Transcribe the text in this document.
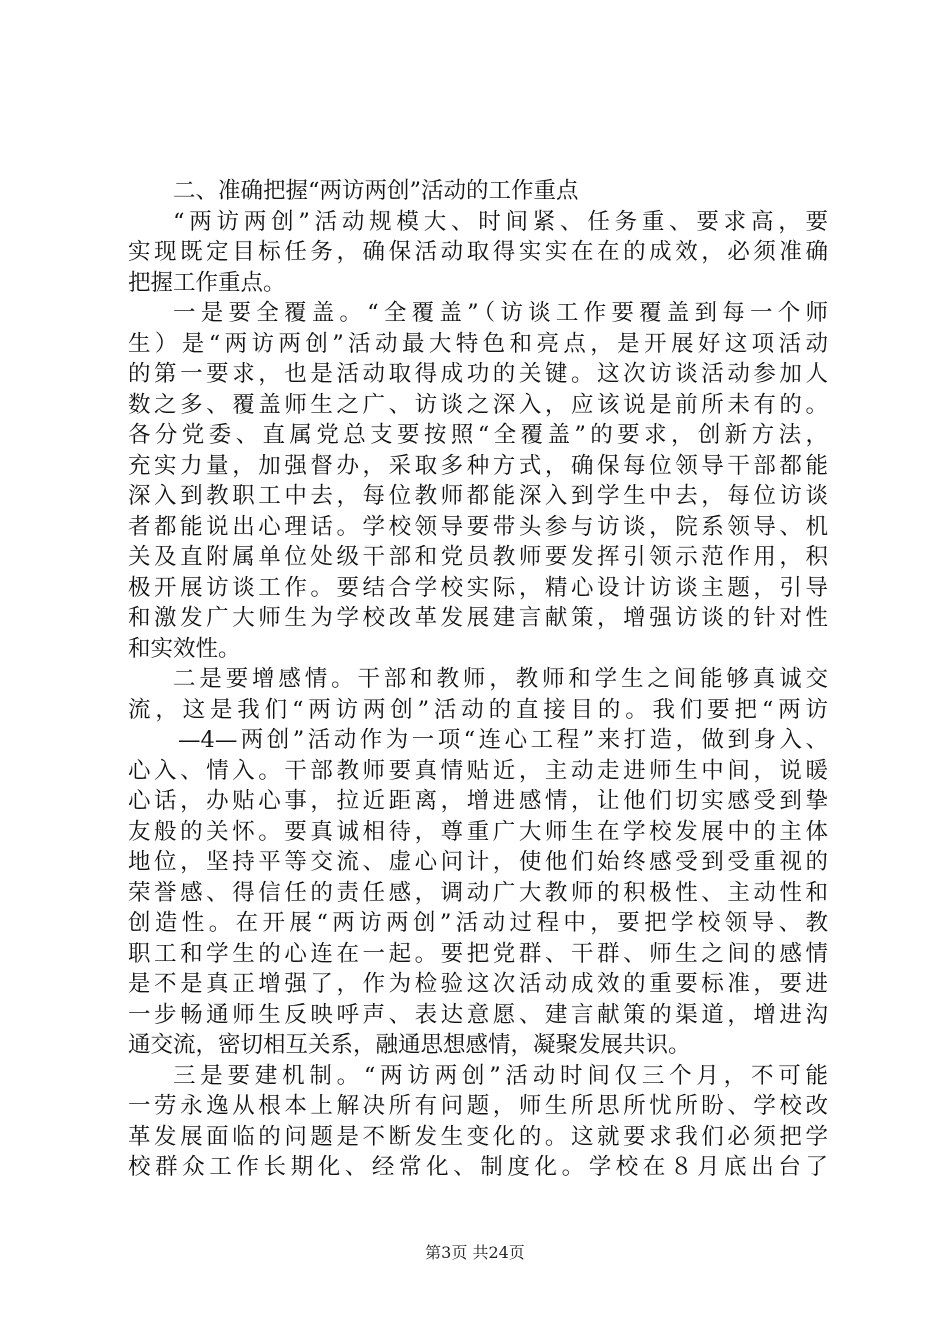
二、准确把握“两访两创”活动的工作重点
“两访两创”活动规模大、时间紧、任务重、要求高，要
实现既定目标任务，确保活动取得实实在在的成效，必须准确
把握工作重点。
一是要全覆盖。“全覆盖”（访谈工作要覆盖到每一个师
生）是“两访两创”活动最大特色和亮点，是开展好这项活动
的第一要求，也是活动取得成功的关键。这次访谈活动参加人
数之多、覆盖师生之广、访谈之深入，应该说是前所未有的。
各分党委、直属党总支要按照“全覆盖”的要求，创新方法，
充实力量，加强督办，采取多种方式，确保每位领导干部都能
深入到教职工中去，每位教师都能深入到学生中去，每位访谈
者都能说出心理话。学校领导要带头参与访谈，院系领导、机
关及直附属单位处级干部和党员教师要发挥引领示范作用，积
极开展访谈工作。要结合学校实际，精心设计访谈主题，引导
和激发广大师生为学校改革发展建言献策，增强访谈的针对性
和实效性。
二是要增感情。干部和教师，教师和学生之间能够真诚交
流，这是我们“两访两创”活动的直接目的。我们要把“两访
—4—两创”活动作为一项“连心工程”来打造，做到身入、
心入、情入。干部教师要真情贴近，主动走进师生中间，说暖
心话，办贴心事，拉近距离，增进感情，让他们切实感受到挚
友般的关怀。要真诚相待，尊重广大师生在学校发展中的主体
地位，坚持平等交流、虚心问计，使他们始终感受到受重视的
荣誉感、得信任的责任感，调动广大教师的积极性、主动性和
创造性。在开展“两访两创”活动过程中，要把学校领导、教
职工和学生的心连在一起。要把党群、干群、师生之间的感情
是不是真正增强了，作为检验这次活动成效的重要标准，要进
一步畅通师生反映呼声、表达意愿、建言献策的渠道，增进沟
通交流，密切相互关系，融通思想感情，凝聚发展共识。
三是要建机制。“两访两创”活动时间仅三个月，不可能
一劳永逸从根本上解决所有问题，师生所思所忧所盼、学校改
革发展面临的问题是不断发生变化的。这就要求我们必须把学
校群众工作长期化、经常化、制度化。学校在８月底出台了
第3页 共24页
